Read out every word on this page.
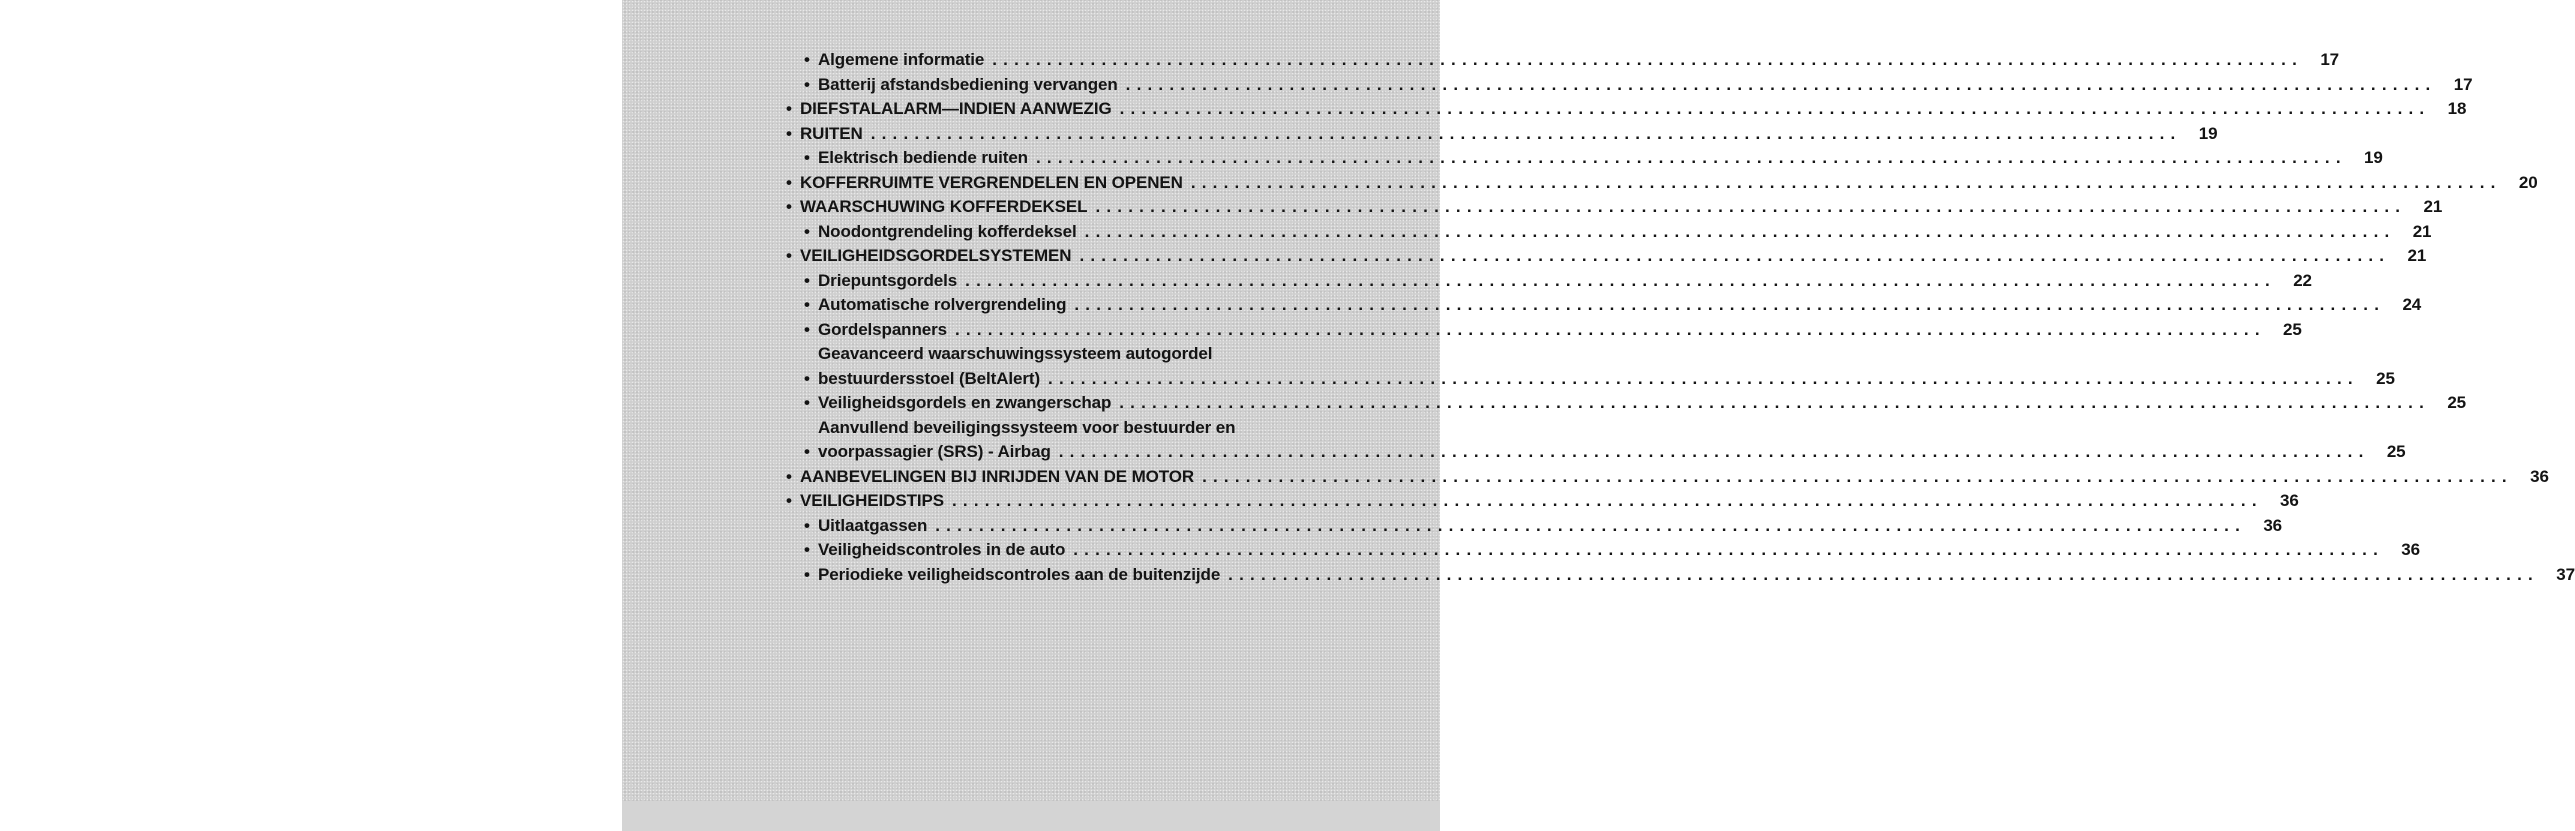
• Algemene informatie ........................................................................................................................	17
• Batterij afstandsbediening vervangen ........................................................................................................................	17
• DIEFSTALALARM—INDIEN AANWEZIG ........................................................................................................................	18
• RUITEN ........................................................................................................................	19
• Elektrisch bediende ruiten ........................................................................................................................	19
• KOFFERRUIMTE VERGRENDELEN EN OPENEN ........................................................................................................................	20
• WAARSCHUWING KOFFERDEKSEL ........................................................................................................................	21
• Noodontgrendeling kofferdeksel ........................................................................................................................	21
• VEILIGHEIDSGORDELSYSTEMEN ........................................................................................................................	21
• Driepuntsgordels ........................................................................................................................	22
• Automatische rolvergrendeling ........................................................................................................................	24
• Gordelspanners ........................................................................................................................	25
•
Geavanceerd waarschuwingssysteem autogordel
bestuurdersstoel (BeltAlert) ........................................................................................................................	25
• Veiligheidsgordels en zwangerschap ........................................................................................................................	25
•
Aanvullend beveiligingssysteem voor bestuurder en
voorpassagier (SRS) - Airbag ........................................................................................................................	25
• AANBEVELINGEN BIJ INRIJDEN VAN DE MOTOR ........................................................................................................................	36
• VEILIGHEIDSTIPS ........................................................................................................................	36
• Uitlaatgassen ........................................................................................................................	36
• Veiligheidscontroles in de auto ........................................................................................................................	36
• Periodieke veiligheidscontroles aan de buitenzijde ........................................................................................................................	37
